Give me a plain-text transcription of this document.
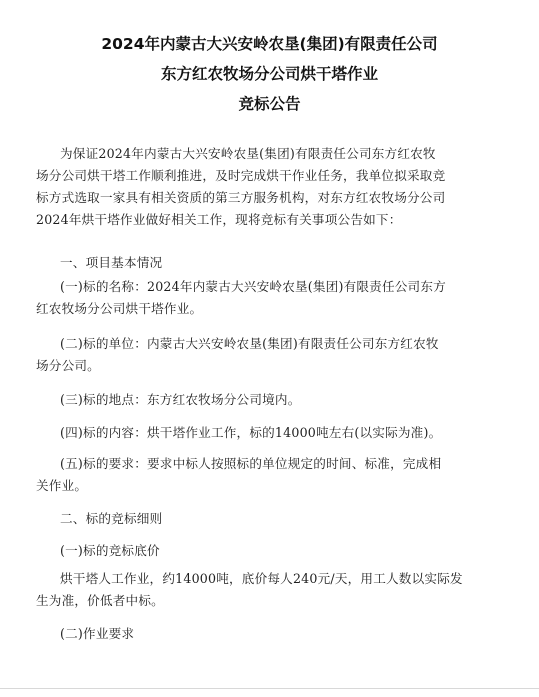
2024年内蒙古大兴安岭农垦(集团)有限责任公司
东方红农牧场分公司烘干塔作业
竞标公告
为保证2024年内蒙古大兴安岭农垦(集团)有限责任公司东方红农牧
场分公司烘干塔工作顺利推进，及时完成烘干作业任务，我单位拟采取竞
标方式选取一家具有相关资质的第三方服务机构，对东方红农牧场分公司
2024年烘干塔作业做好相关工作，现将竞标有关事项公告如下：
一、项目基本情况
(一)标的名称：2024年内蒙古大兴安岭农垦(集团)有限责任公司东方
红农牧场分公司烘干塔作业。
(二)标的单位：内蒙古大兴安岭农垦(集团)有限责任公司东方红农牧
场分公司。
(三)标的地点：东方红农牧场分公司境内。
(四)标的内容：烘干塔作业工作，标的14000吨左右(以实际为准)。
(五)标的要求：要求中标人按照标的单位规定的时间、标准，完成相
关作业。
二、标的竞标细则
(一)标的竞标底价
烘干塔人工作业，约14000吨，底价每人240元/天，用工人数以实际发
生为准，价低者中标。
(二)作业要求
